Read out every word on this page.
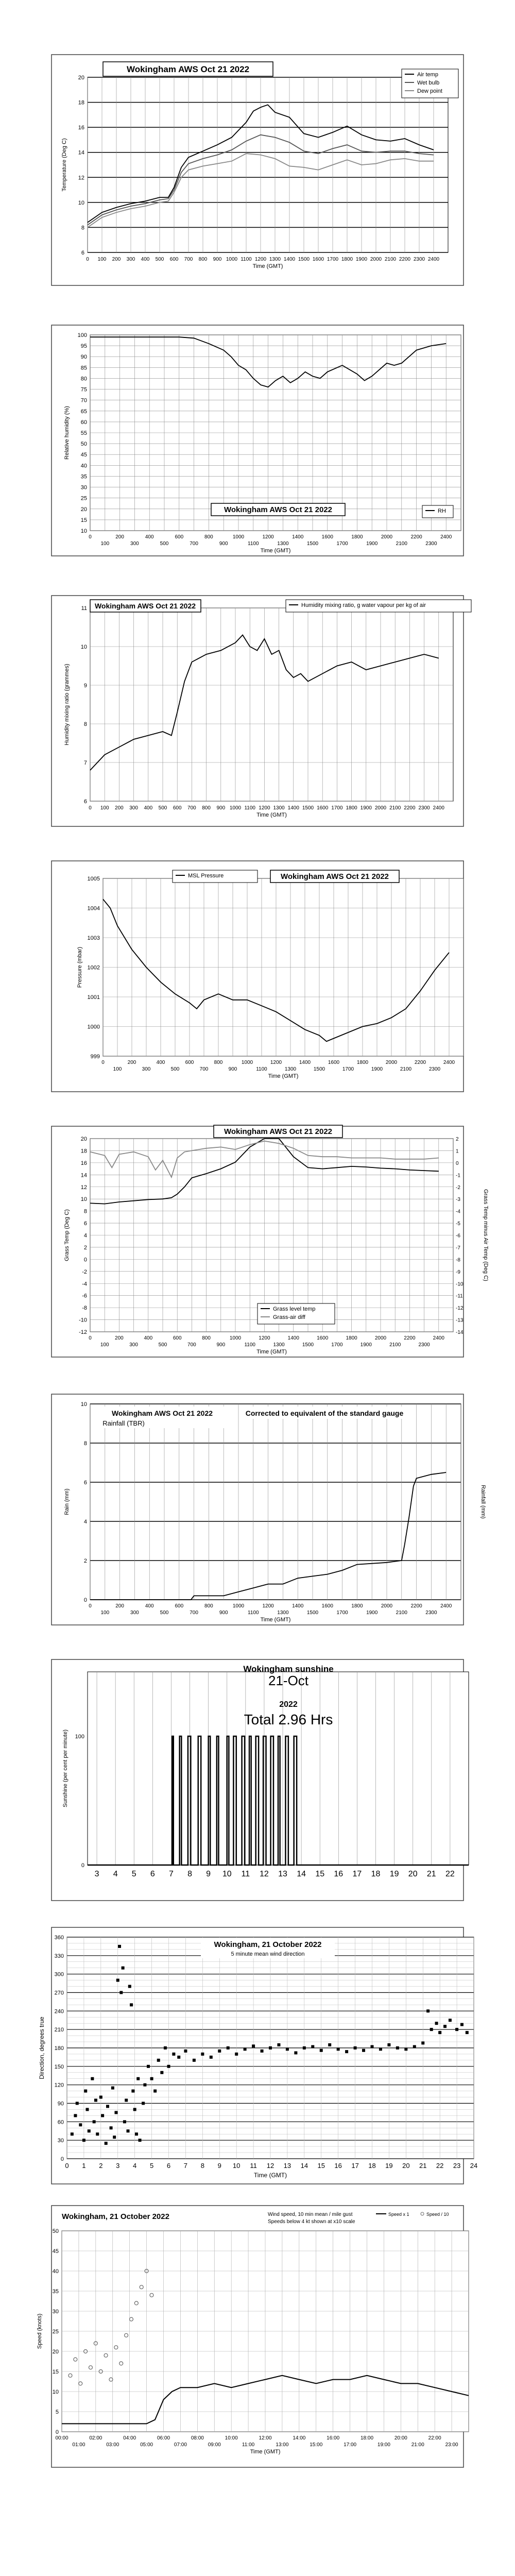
6
8
10
12
14
16
18
20
0 100 200 300 400 500 600 700 800 900 1000 1100 1200 1300 1400 1500 1600 1700 1800 1900 2000 2100 2200 2300 2400
Time (GMT)
Temperature (Deg C)
Wokingham AWS Oct 21 2022
Air temp
Wet bulb
Dew point
10
15
20
25
30
35
40
45
50
55
60
65
70
75
80
85
90
95
100
0	200	400	600	800	1000	1200	1400	1600	1800	2000	2200	2400
100	300	500	700	900	1100	1300	1500	1700	1900	2100	2300
Time (GMT)
Relative humidity (%)
Wokingham AWS Oct 21 2022	RH
6
7
8
9
10
11
0 100 200 300 400 500 600 700 800 900 1000 1100 1200 1300 1400 1500 1600 1700 1800 1900 2000 2100 2200 2300 2400
Time (GMT)
Humidity mixing ratio (grammes)
Wokingham AWS Oct 21 2022	Humidity mixing ratio, g water vapour per kg of air
999
1000
1001
1002
1003
1004
1005
0	200	400	600	800	1000	1200	1400	1600	1800	2000	2200	2400
100	300	500	700	900	1100	1300	1500	1700	1900	2100	2300
Time (GMT)
Pressure (mbar)
MSL Pressure	Wokingham AWS Oct 21 2022
-12
-10
-8
-6
-4
-2
0
2
4
6
8
10
12
14
16
18
20
0	200	400	600	800	1000	1200	1400	1600	1800	2000	2200	2400
100	300	500	700	900	1100	1300	1500	1700	1900	2100	2300
Time (GMT)
Grass Temp (Deg C)
-14
-13
-12
-11
-10
-9
-8
-7
-6
-5
-4
-3
-2
-1
0
1
2
Grass Temp minus Air Temp (Deg C)
Wokingham AWS Oct 21 2022
Grass level temp
Grass-air diff
0
2
4
6
8
10
0	200	400	600	800	1000	1200	1400	1600	1800	2000	2200	2400
100	300	500	700	900	1100	1300	1500	1700	1900	2100	2300
Time (GMT)
Rain (mm)	Rainfall (mm)
Wokingham AWS Oct 21 2022
Rainfall (TBR)
Corrected to equivalent of the standard gauge
3 4 5 6 7 8 9 10 11 12 13 14 15 16 17 18 19 20 21 22
0
100
Sunshine (per cent per minute)
Wokingham sunshine
21-Oct
2022
Total 2.96 Hrs
0
30
60
90
120
150
180
210
240
270
300
330
360
0 1 2 3 4 5 6 7 8 9 10 11 12 13 14 15 16 17 18 19 20 21 22 23 24
Time (GMT)
Direction, degrees true
Wokingham, 21 October 2022
5 minute mean wind direction
0
5
10
15
20
25
30
35
40
45
50
00:00	02:00	04:00	06:00	08:00	10:00	12:00	14:00	16:00	18:00	20:00	22:00
01:00	03:00	05:00	07:00	09:00	11:00	13:00	15:00	17:00	19:00	21:00	23:00
Time (GMT)
Speed (knots)
Wokingham, 21 October 2022	Wind speed, 10 min mean / mile gust
Speeds below 4 kt shown at x10 scale
Speed x 1	Speed / 10
